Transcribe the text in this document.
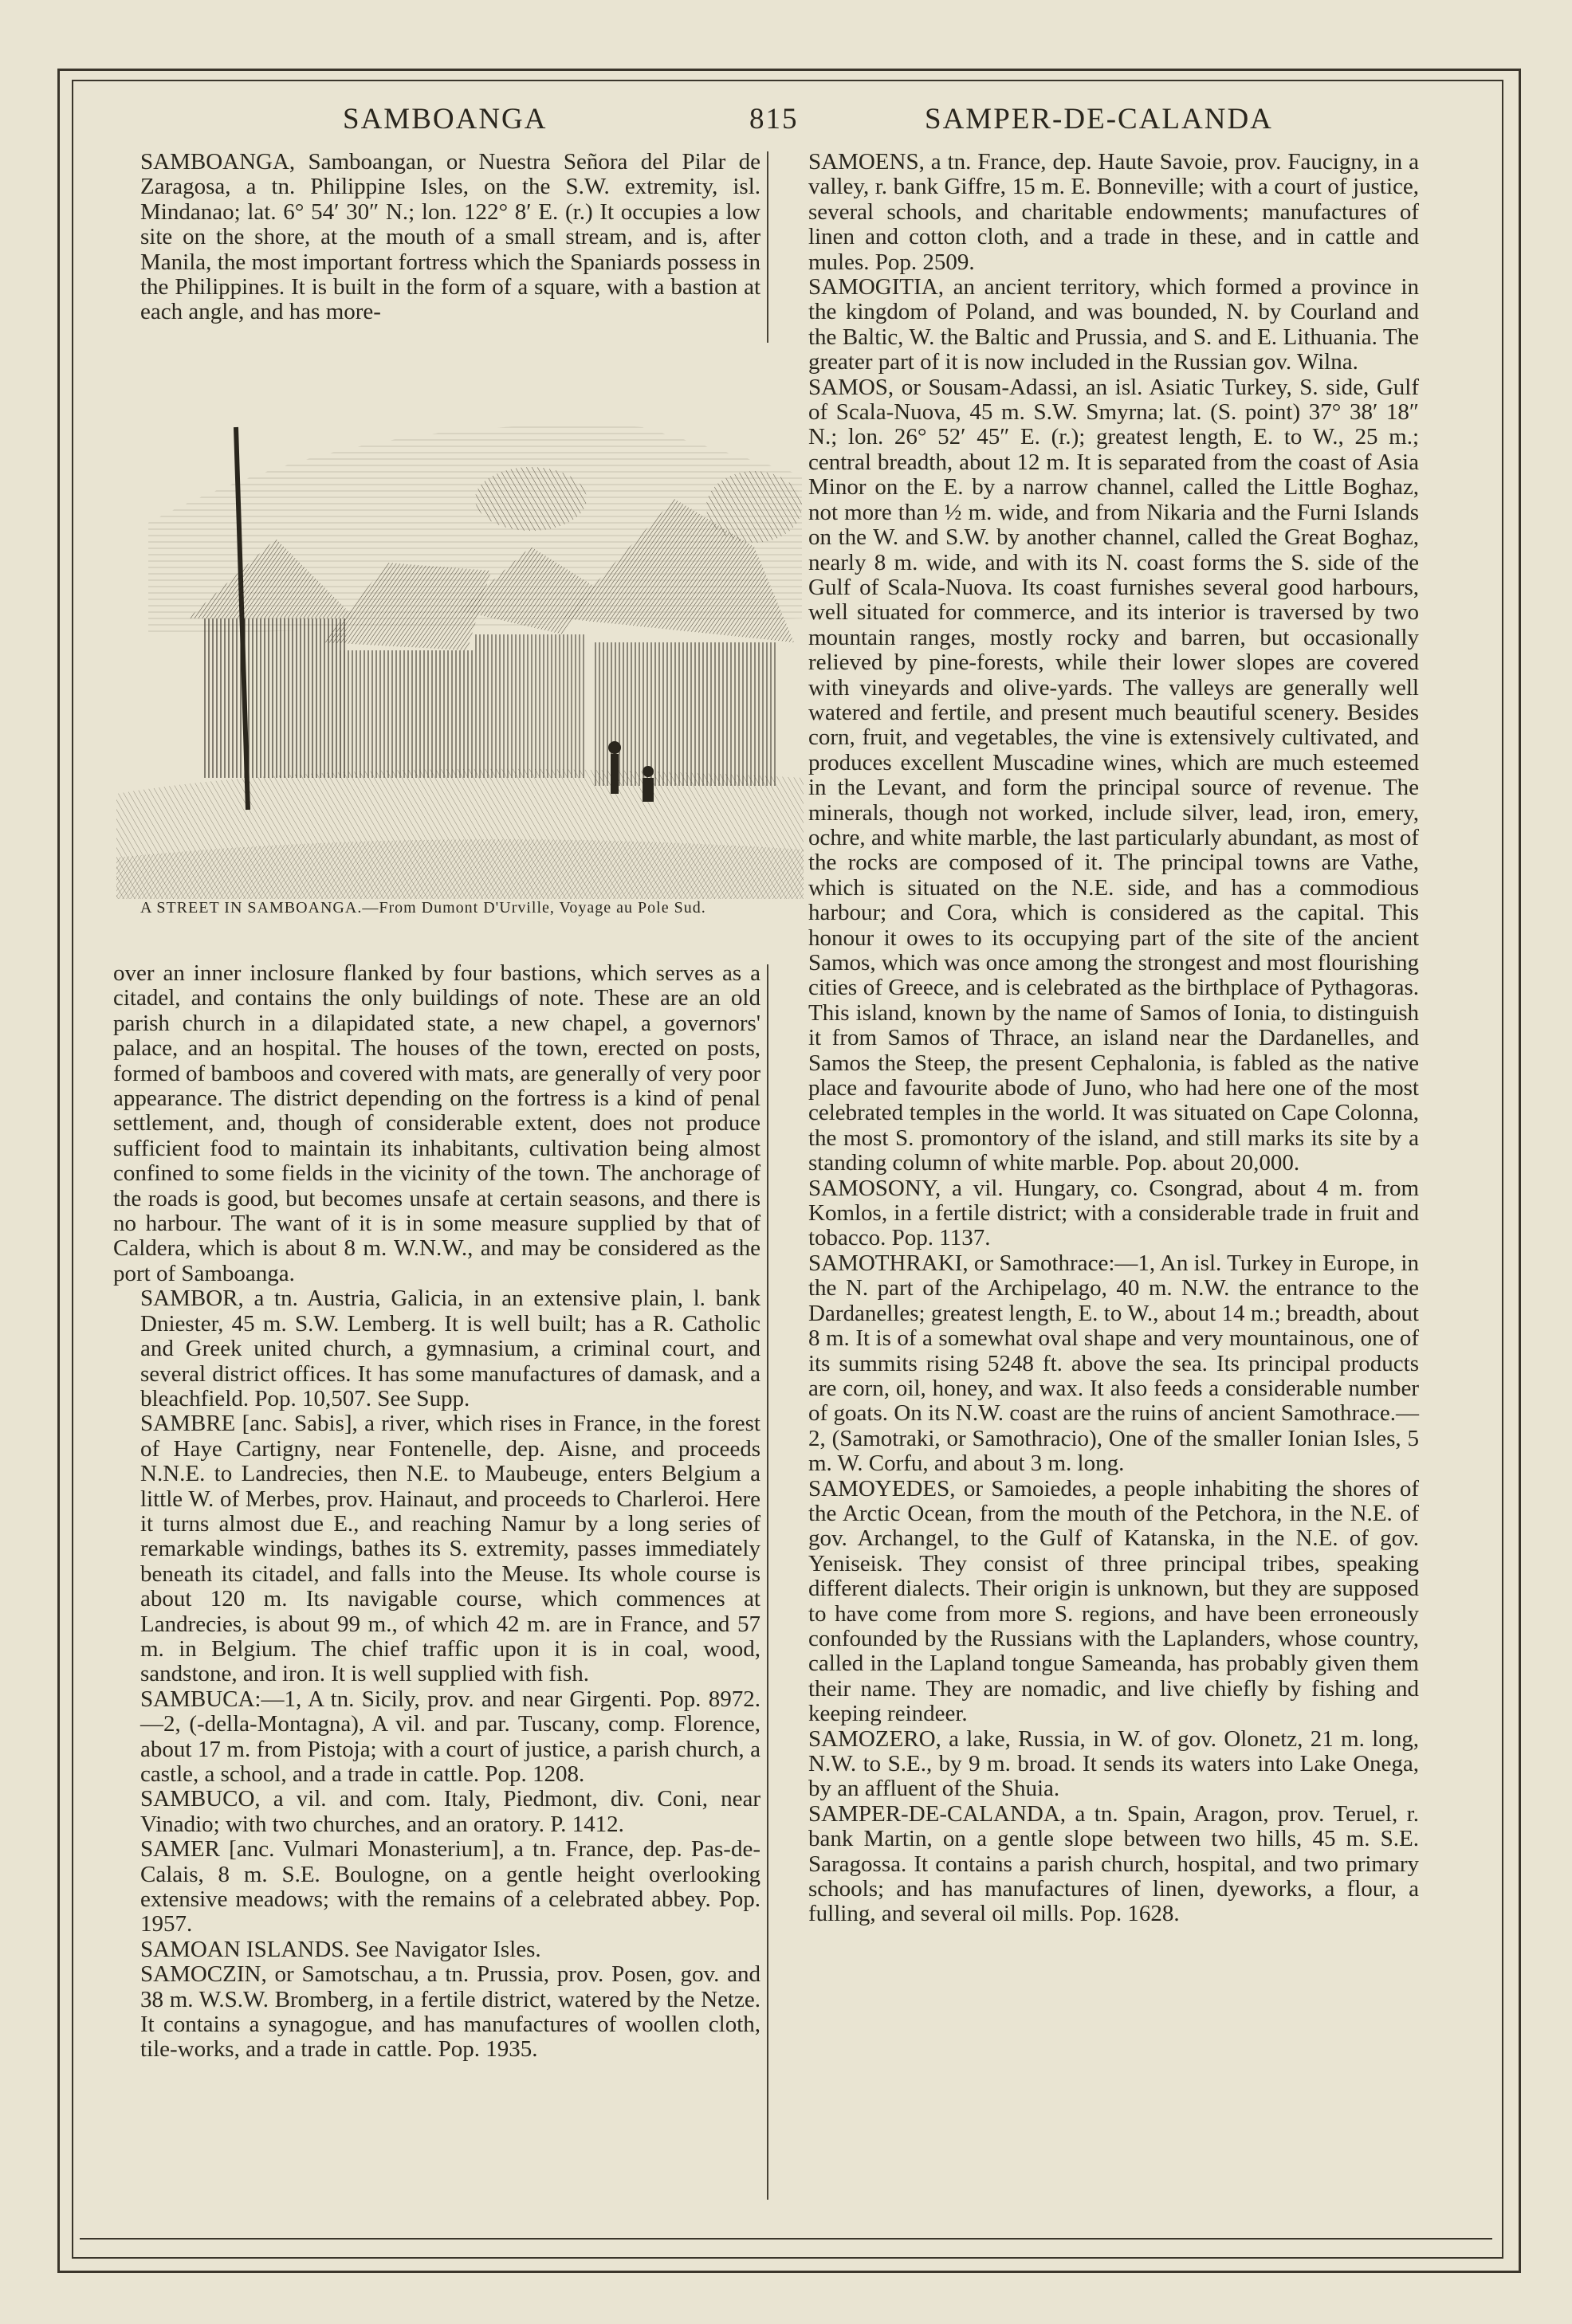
SAMBOANGA	815	SAMPER-DE-CALANDA

SAMBOANGA, Samboangan, or Nuestra Señora del Pilar de Zaragosa, a tn. Philippine Isles, on the S.W. extremity, isl. Mindanao; lat. 6° 54′ 30″ N.; lon. 122° 8′ E. (r.) It occupies a low site on the shore, at the mouth of a small stream, and is, after Manila, the most important fortress which the Spaniards possess in the Philippines. It is built in the form of a square, with a bastion at each angle, and has more-

A STREET IN SAMBOANGA.—From Dumont D'Urville, Voyage au Pole Sud.

over an inner inclosure flanked by four bastions, which serves as a citadel, and contains the only buildings of note. These are an old parish church in a dilapidated state, a new chapel, a governors' palace, and an hospital. The houses of the town, erected on posts, formed of bamboos and covered with mats, are generally of very poor appearance. The district depending on the fortress is a kind of penal settlement, and, though of considerable extent, does not produce sufficient food to maintain its inhabitants, cultivation being almost confined to some fields in the vicinity of the town. The anchorage of the roads is good, but becomes unsafe at certain seasons, and there is no harbour. The want of it is in some measure supplied by that of Caldera, which is about 8 m. W.N.W., and may be considered as the port of Samboanga.

SAMBOR, a tn. Austria, Galicia, in an extensive plain, l. bank Dniester, 45 m. S.W. Lemberg. It is well built; has a R. Catholic and Greek united church, a gymnasium, a criminal court, and several district offices. It has some manufactures of damask, and a bleachfield. Pop. 10,507. See Supp.

SAMBRE [anc. Sabis], a river, which rises in France, in the forest of Haye Cartigny, near Fontenelle, dep. Aisne, and proceeds N.N.E. to Landrecies, then N.E. to Maubeuge, enters Belgium a little W. of Merbes, prov. Hainaut, and proceeds to Charleroi. Here it turns almost due E., and reaching Namur by a long series of remarkable windings, bathes its S. extremity, passes immediately beneath its citadel, and falls into the Meuse. Its whole course is about 120 m. Its navigable course, which commences at Landrecies, is about 99 m., of which 42 m. are in France, and 57 m. in Belgium. The chief traffic upon it is in coal, wood, sandstone, and iron. It is well supplied with fish.

SAMBUCA:—1, A tn. Sicily, prov. and near Girgenti. Pop. 8972.—2, (-della-Montagna), A vil. and par. Tuscany, comp. Florence, about 17 m. from Pistoja; with a court of justice, a parish church, a castle, a school, and a trade in cattle. Pop. 1208.

SAMBUCO, a vil. and com. Italy, Piedmont, div. Coni, near Vinadio; with two churches, and an oratory. P. 1412.

SAMER [anc. Vulmari Monasterium], a tn. France, dep. Pas-de-Calais, 8 m. S.E. Boulogne, on a gentle height overlooking extensive meadows; with the remains of a celebrated abbey. Pop. 1957.

SAMOAN ISLANDS. See Navigator Isles.

SAMOCZIN, or Samotschau, a tn. Prussia, prov. Posen, gov. and 38 m. W.S.W. Bromberg, in a fertile district, watered by the Netze. It contains a synagogue, and has manufactures of woollen cloth, tile-works, and a trade in cattle. Pop. 1935.

SAMOENS, a tn. France, dep. Haute Savoie, prov. Faucigny, in a valley, r. bank Giffre, 15 m. E. Bonneville; with a court of justice, several schools, and charitable endowments; manufactures of linen and cotton cloth, and a trade in these, and in cattle and mules. Pop. 2509.

SAMOGITIA, an ancient territory, which formed a province in the kingdom of Poland, and was bounded, N. by Courland and the Baltic, W. the Baltic and Prussia, and S. and E. Lithuania. The greater part of it is now included in the Russian gov. Wilna.

SAMOS, or Sousam-Adassi, an isl. Asiatic Turkey, S. side, Gulf of Scala-Nuova, 45 m. S.W. Smyrna; lat. (S. point) 37° 38′ 18″ N.; lon. 26° 52′ 45″ E. (r.); greatest length, E. to W., 25 m.; central breadth, about 12 m. It is separated from the coast of Asia Minor on the E. by a narrow channel, called the Little Boghaz, not more than ½ m. wide, and from Nikaria and the Furni Islands on the W. and S.W. by another channel, called the Great Boghaz, nearly 8 m. wide, and with its N. coast forms the S. side of the Gulf of Scala-Nuova. Its coast furnishes several good harbours, well situated for commerce, and its interior is traversed by two mountain ranges, mostly rocky and barren, but occasionally relieved by pine-forests, while their lower slopes are covered with vineyards and olive-yards. The valleys are generally well watered and fertile, and present much beautiful scenery. Besides corn, fruit, and vegetables, the vine is extensively cultivated, and produces excellent Muscadine wines, which are much esteemed in the Levant, and form the principal source of revenue. The minerals, though not worked, include silver, lead, iron, emery, ochre, and white marble, the last particularly abundant, as most of the rocks are composed of it. The principal towns are Vathe, which is situated on the N.E. side, and has a commodious harbour; and Cora, which is considered as the capital. This honour it owes to its occupying part of the site of the ancient Samos, which was once among the strongest and most flourishing cities of Greece, and is celebrated as the birthplace of Pythagoras. This island, known by the name of Samos of Ionia, to distinguish it from Samos of Thrace, an island near the Dardanelles, and Samos the Steep, the present Cephalonia, is fabled as the native place and favourite abode of Juno, who had here one of the most celebrated temples in the world. It was situated on Cape Colonna, the most S. promontory of the island, and still marks its site by a standing column of white marble. Pop. about 20,000.

SAMOSONY, a vil. Hungary, co. Csongrad, about 4 m. from Komlos, in a fertile district; with a considerable trade in fruit and tobacco. Pop. 1137.

SAMOTHRAKI, or Samothrace:—1, An isl. Turkey in Europe, in the N. part of the Archipelago, 40 m. N.W. the entrance to the Dardanelles; greatest length, E. to W., about 14 m.; breadth, about 8 m. It is of a somewhat oval shape and very mountainous, one of its summits rising 5248 ft. above the sea. Its principal products are corn, oil, honey, and wax. It also feeds a considerable number of goats. On its N.W. coast are the ruins of ancient Samothrace.—2, (Samotraki, or Samothracio), One of the smaller Ionian Isles, 5 m. W. Corfu, and about 3 m. long.

SAMOYEDES, or Samoiedes, a people inhabiting the shores of the Arctic Ocean, from the mouth of the Petchora, in the N.E. of gov. Archangel, to the Gulf of Katanska, in the N.E. of gov. Yeniseisk. They consist of three principal tribes, speaking different dialects. Their origin is unknown, but they are supposed to have come from more S. regions, and have been erroneously confounded by the Russians with the Laplanders, whose country, called in the Lapland tongue Sameanda, has probably given them their name. They are nomadic, and live chiefly by fishing and keeping reindeer.

SAMOZERO, a lake, Russia, in W. of gov. Olonetz, 21 m. long, N.W. to S.E., by 9 m. broad. It sends its waters into Lake Onega, by an affluent of the Shuia.

SAMPER-DE-CALANDA, a tn. Spain, Aragon, prov. Teruel, r. bank Martin, on a gentle slope between two hills, 45 m. S.E. Saragossa. It contains a parish church, hospital, and two primary schools; and has manufactures of linen, dyeworks, a flour, a fulling, and several oil mills. Pop. 1628.
